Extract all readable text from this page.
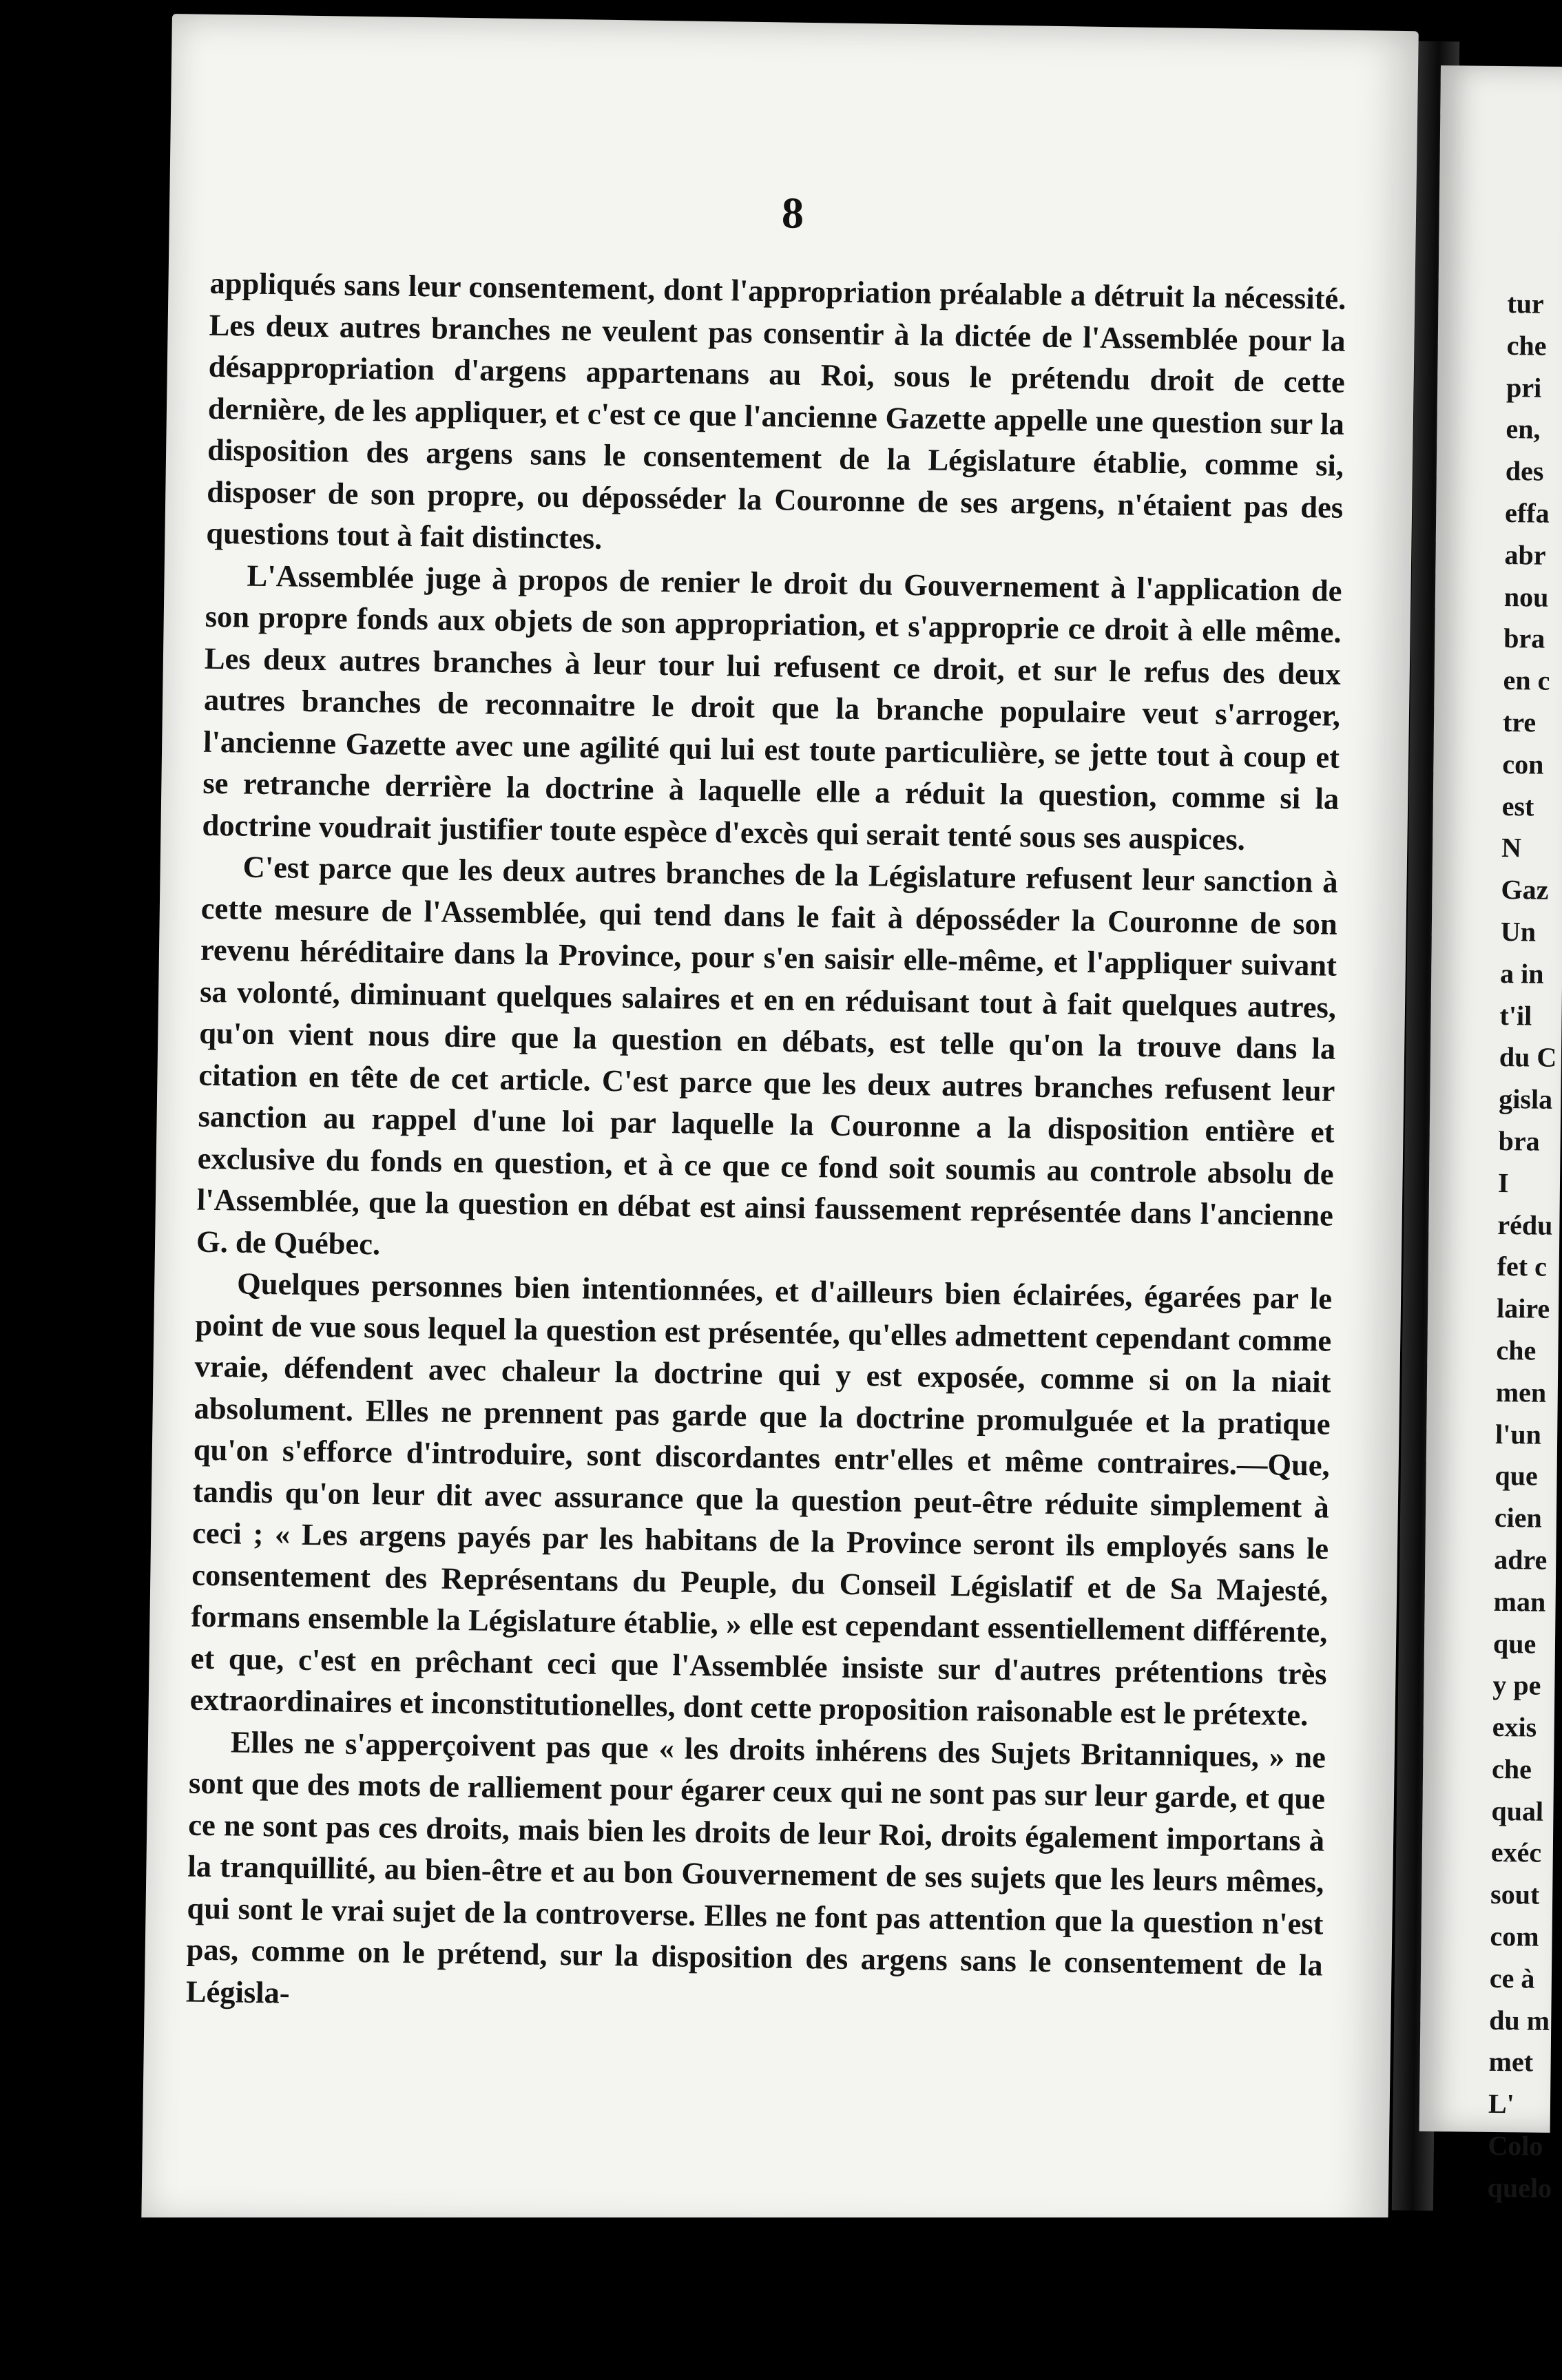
tur
che
pri
en,
des
effa
abr
nou
bra
en c
tre
con
est
N
Gaz
Un
a in
t'il
du C
gisla
bra
I
rédu
fet c
laire
che
men
l'un
que
cien
adre
man
que
y pe
exis
che
qual
exéc
sout
com
ce à
du m
met
L'
Colo
quelo
8

appliqués sans leur consentement, dont l'appropriation préalable a détruit la nécessité. Les deux autres branches ne veulent pas consentir à la dictée de l'Assemblée pour la désappropriation d'argens appartenans au Roi, sous le prétendu droit de cette dernière, de les appliquer, et c'est ce que l'ancienne Gazette appelle une question sur la disposition des argens sans le consentement de la Législature établie, comme si, disposer de son propre, ou déposséder la Couronne de ses argens, n'étaient pas des questions tout à fait distinctes.

L'Assemblée juge à propos de renier le droit du Gouvernement à l'application de son propre fonds aux objets de son appropriation, et s'approprie ce droit à elle même. Les deux autres branches à leur tour lui refusent ce droit, et sur le refus des deux autres branches de reconnaitre le droit que la branche populaire veut s'arroger, l'ancienne Gazette avec une agilité qui lui est toute particulière, se jette tout à coup et se retranche derrière la doctrine à laquelle elle a réduit la question, comme si la doctrine voudrait justifier toute espèce d'excès qui serait tenté sous ses auspices.

C'est parce que les deux autres branches de la Législature refusent leur sanction à cette mesure de l'Assemblée, qui tend dans le fait à déposséder la Couronne de son revenu héréditaire dans la Province, pour s'en saisir elle-même, et l'appliquer suivant sa volonté, diminuant quelques salaires et en en réduisant tout à fait quelques autres, qu'on vient nous dire que la question en débats, est telle qu'on la trouve dans la citation en tête de cet article. C'est parce que les deux autres branches refusent leur sanction au rappel d'une loi par laquelle la Couronne a la disposition entière et exclusive du fonds en question, et à ce que ce fond soit soumis au controle absolu de l'Assemblée, que la question en débat est ainsi faussement représentée dans l'ancienne G. de Québec.

Quelques personnes bien intentionnées, et d'ailleurs bien éclairées, égarées par le point de vue sous lequel la question est présentée, qu'elles admettent cependant comme vraie, défendent avec chaleur la doctrine qui y est exposée, comme si on la niait absolument. Elles ne prennent pas garde que la doctrine promulguée et la pratique qu'on s'efforce d'introduire, sont discordantes entr'elles et même contraires.—Que, tandis qu'on leur dit avec assurance que la question peut-être réduite simplement à ceci ; « Les argens payés par les habitans de la Province seront ils employés sans le consentement des Représentans du Peuple, du Conseil Législatif et de Sa Majesté, formans ensemble la Législature établie, » elle est cependant essentiellement différente, et que, c'est en prêchant ceci que l'Assemblée insiste sur d'autres prétentions très extraordinaires et inconstitutionelles, dont cette proposition raisonable est le prétexte.

Elles ne s'apperçoivent pas que « les droits inhérens des Sujets Britanniques, » ne sont que des mots de ralliement pour égarer ceux qui ne sont pas sur leur garde, et que ce ne sont pas ces droits, mais bien les droits de leur Roi, droits également importans à la tranquillité, au bien-être et au bon Gouvernement de ses sujets que les leurs mêmes, qui sont le vrai sujet de la controverse. Elles ne font pas attention que la question n'est pas, comme on le prétend, sur la disposition des argens sans le consentement de la Législa-
